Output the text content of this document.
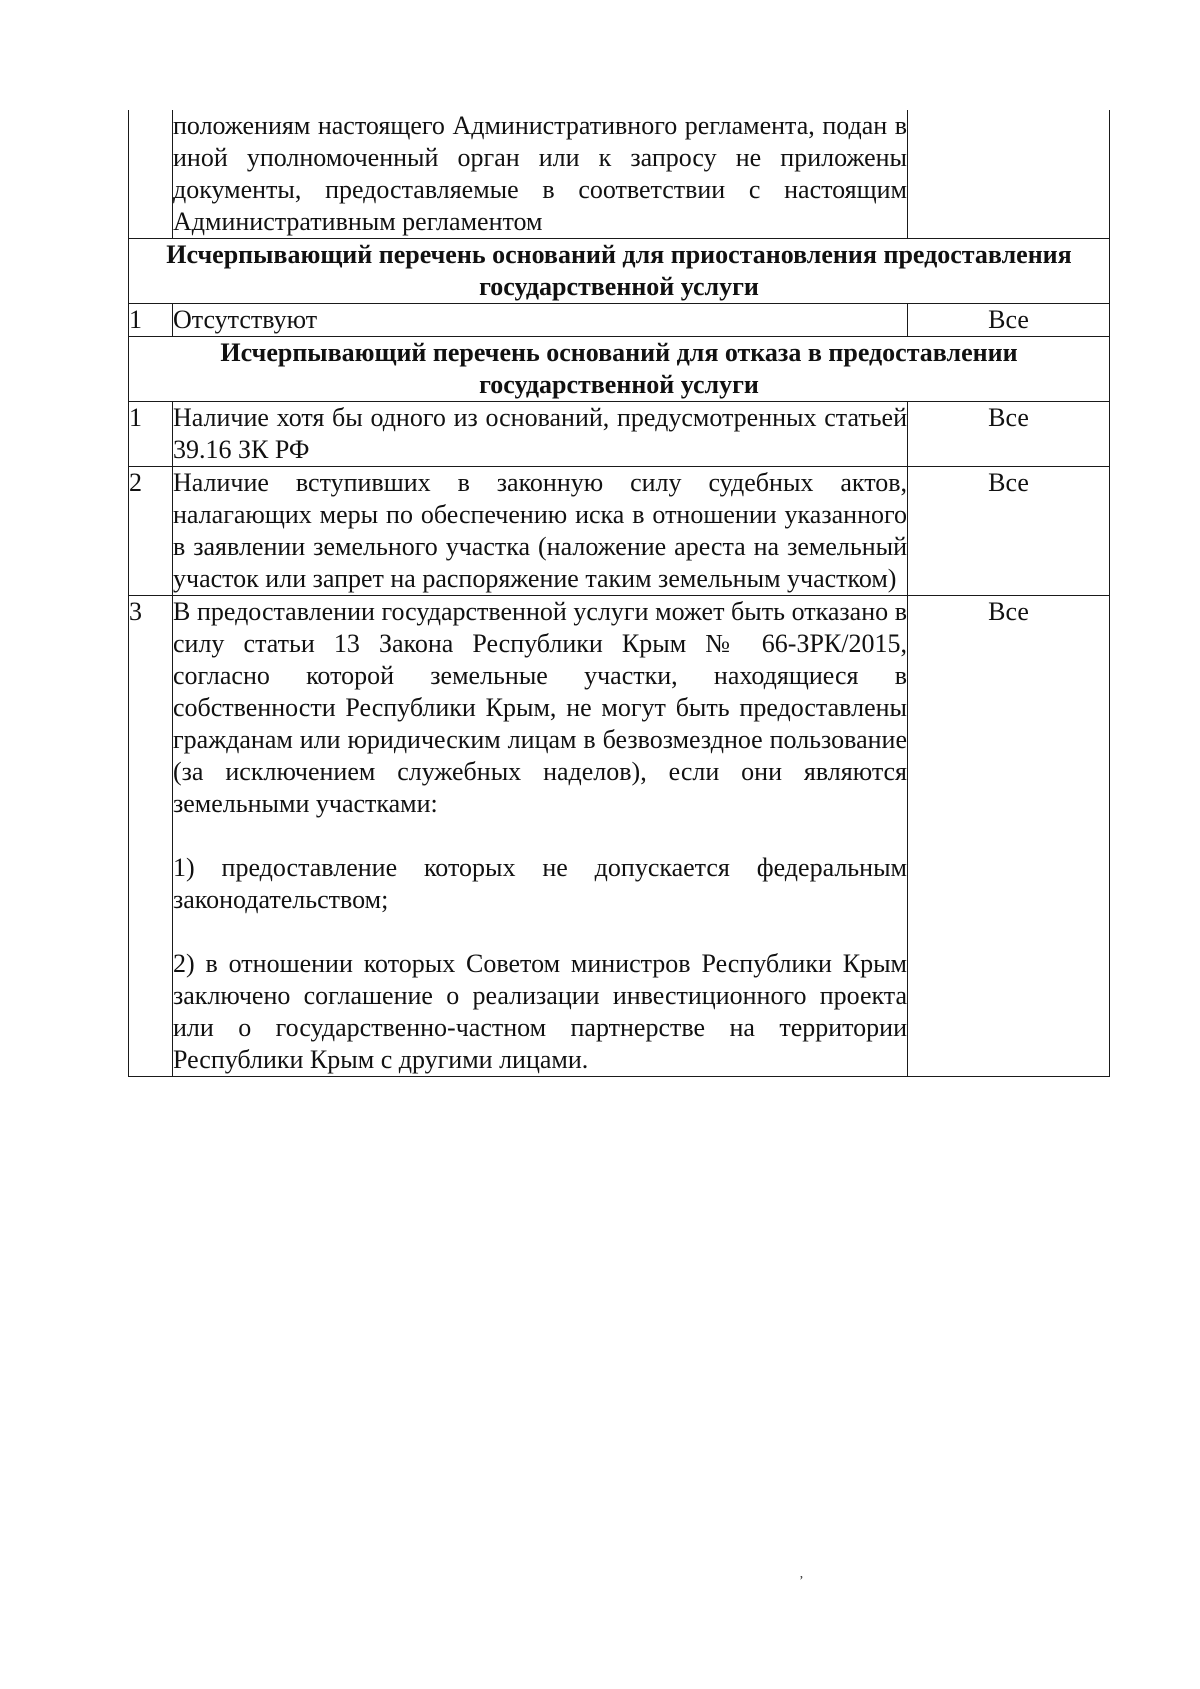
	положениям настоящего Административного регламента, подан в иной уполномоченный орган или к запросу не приложены документы, предоставляемые в соответствии с настоящим Административным регламентом	
Исчерпывающий перечень оснований для приостановления предоставления государственной услуги		
1	Отсутствуют	Все
Исчерпывающий перечень оснований для отказа в предоставлении государственной услуги		
1	Наличие хотя бы одного из оснований, предусмотренных статьей 39.16 ЗК РФ	Все
2	Наличие вступивших в законную силу судебных актов, налагающих меры по обеспечению иска в отношении указанного в заявлении земельного участка (наложение ареста на земельный участок или запрет на распоряжение таким земельным участком)	Все
3	В предоставлении государственной услуги может быть отказано в силу статьи 13 Закона Республики Крым № 66-ЗРК/2015, согласно которой земельные участки, находящиеся в собственности Республики Крым, не могут быть предоставлены гражданам или юридическим лицам в безвозмездное пользование (за исключением служебных наделов), если они являются земельными участками:

1) предоставление которых не допускается федеральным законодательством;

2) в отношении которых Советом министров Республики Крым заключено соглашение о реализации инвестиционного проекта или о государственно-частном партнерстве на территории Республики Крым с другими лицами.	Все
’
